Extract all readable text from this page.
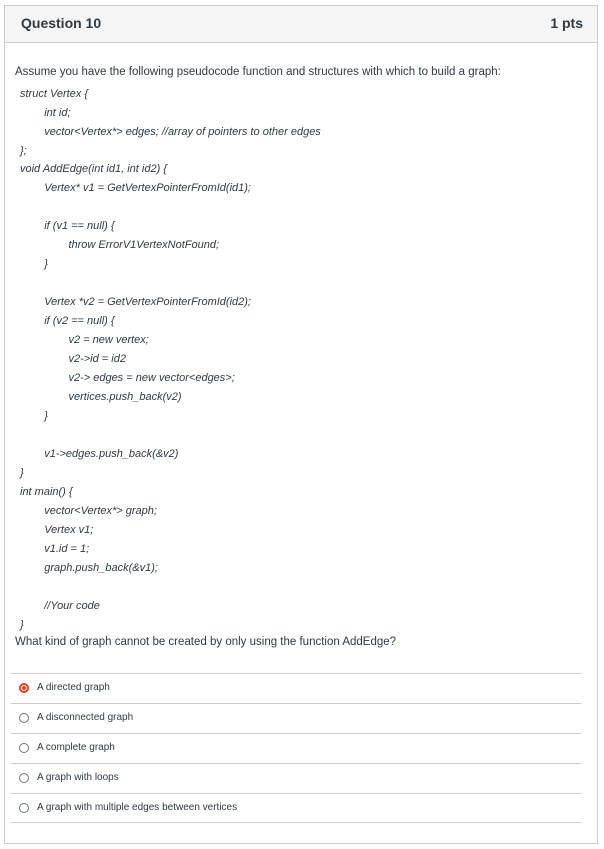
Question 10	1 pts
Assume you have the following pseudocode function and structures with which to build a graph:
struct Vertex {
int id;
vector<Vertex*> edges; //array of pointers to other edges
};
void AddEdge(int id1, int id2) {
Vertex* v1 = GetVertexPointerFromId(id1);
if (v1 == null) {
throw ErrorV1VertexNotFound;
}
Vertex *v2 = GetVertexPointerFromId(id2);
if (v2 == null) {
v2 = new vertex;
v2->id = id2
v2-> edges = new vector<edges>;
vertices.push_back(v2)
}
v1->edges.push_back(&v2)
}
int main() {
vector<Vertex*> graph;
Vertex v1;
v1.id = 1;
graph.push_back(&v1);
//Your code
}
What kind of graph cannot be created by only using the function AddEdge?
A directed graph
A disconnected graph
A complete graph
A graph with loops
A graph with multiple edges between vertices
